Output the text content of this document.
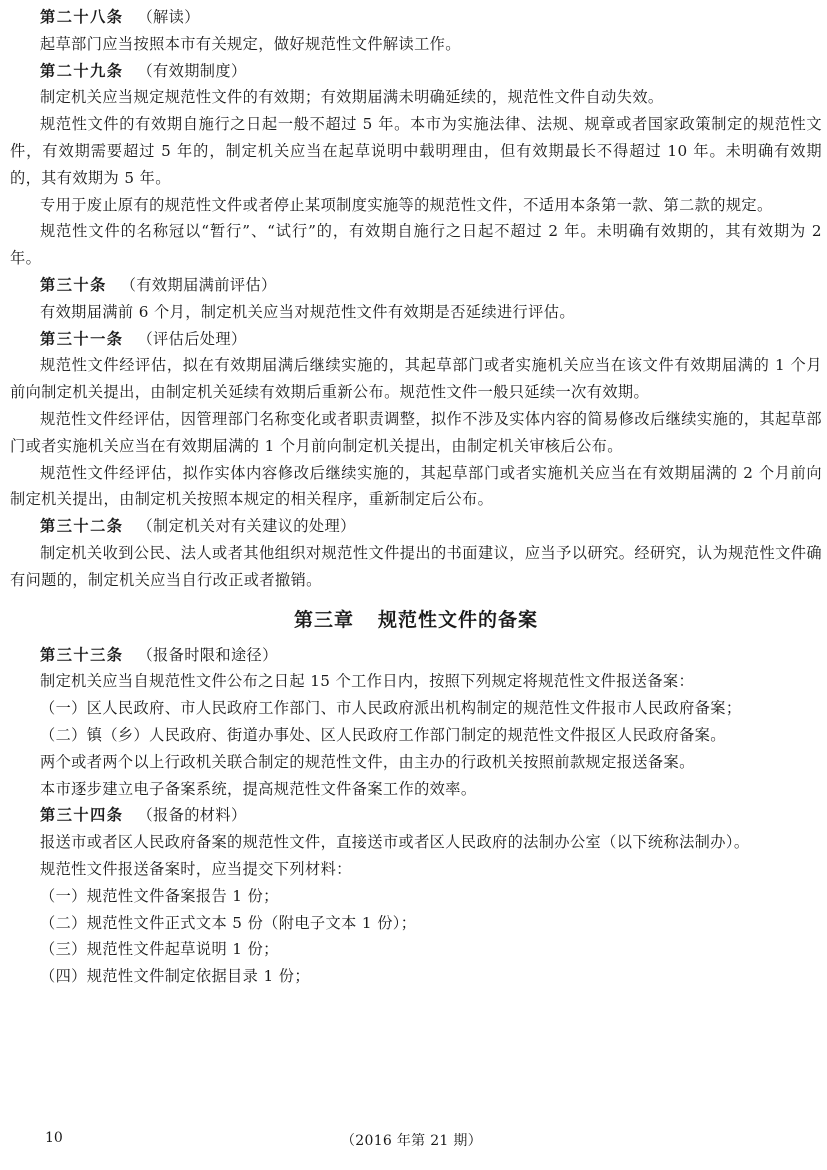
第二十八条 （解读）

起草部门应当按照本市有关规定，做好规范性文件解读工作。

第二十九条 （有效期制度）

制定机关应当规定规范性文件的有效期；有效期届满未明确延续的，规范性文件自动失效。

规范性文件的有效期自施行之日起一般不超过 5 年。本市为实施法律、法规、规章或者国家政策制定的规范性文件，有效期需要超过 5 年的，制定机关应当在起草说明中载明理由，但有效期最长不得超过 10 年。未明确有效期的，其有效期为 5 年。

专用于废止原有的规范性文件或者停止某项制度实施等的规范性文件，不适用本条第一款、第二款的规定。

规范性文件的名称冠以“暂行”、“试行”的，有效期自施行之日起不超过 2 年。未明确有效期的，其有效期为 2 年。

第三十条 （有效期届满前评估）

有效期届满前 6 个月，制定机关应当对规范性文件有效期是否延续进行评估。

第三十一条 （评估后处理）

规范性文件经评估，拟在有效期届满后继续实施的，其起草部门或者实施机关应当在该文件有效期届满的 1 个月前向制定机关提出，由制定机关延续有效期后重新公布。规范性文件一般只延续一次有效期。

规范性文件经评估，因管理部门名称变化或者职责调整，拟作不涉及实体内容的简易修改后继续实施的，其起草部门或者实施机关应当在有效期届满的 1 个月前向制定机关提出，由制定机关审核后公布。

规范性文件经评估，拟作实体内容修改后继续实施的，其起草部门或者实施机关应当在有效期届满的 2 个月前向制定机关提出，由制定机关按照本规定的相关程序，重新制定后公布。

第三十二条 （制定机关对有关建议的处理）

制定机关收到公民、法人或者其他组织对规范性文件提出的书面建议，应当予以研究。经研究，认为规范性文件确有问题的，制定机关应当自行改正或者撤销。

第三章 规范性文件的备案

第三十三条 （报备时限和途径）

制定机关应当自规范性文件公布之日起 15 个工作日内，按照下列规定将规范性文件报送备案：

（一）区人民政府、市人民政府工作部门、市人民政府派出机构制定的规范性文件报市人民政府备案；

（二）镇（乡）人民政府、街道办事处、区人民政府工作部门制定的规范性文件报区人民政府备案。

两个或者两个以上行政机关联合制定的规范性文件，由主办的行政机关按照前款规定报送备案。

本市逐步建立电子备案系统，提高规范性文件备案工作的效率。

第三十四条 （报备的材料）

报送市或者区人民政府备案的规范性文件，直接送市或者区人民政府的法制办公室（以下统称法制办）。

规范性文件报送备案时，应当提交下列材料：

（一）规范性文件备案报告 1 份；

（二）规范性文件正式文本 5 份（附电子文本 1 份）；

（三）规范性文件起草说明 1 份；

（四）规范性文件制定依据目录 1 份；

10	（2016 年第 21 期）
